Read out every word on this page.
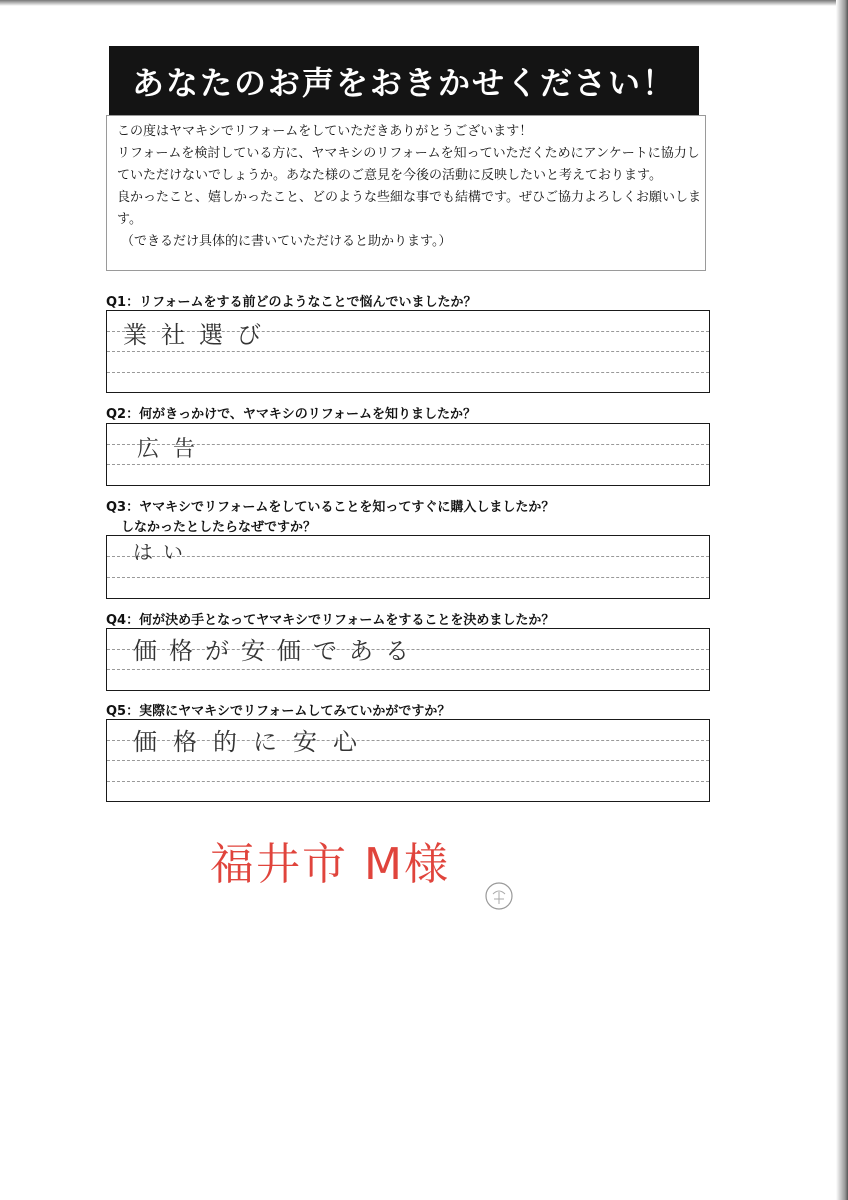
あなたのお声をおきかせください！
この度はヤマキシでリフォームをしていただきありがとうございます！
リフォームを検討している方に、ヤマキシのリフォームを知っていただくためにアンケートに協力し
ていただけないでしょうか。あなた様のご意見を今後の活動に反映したいと考えております。
良かったこと、嬉しかったこと、どのような些細な事でも結構です。ぜひご協力よろしくお願いしま
す。
（できるだけ具体的に書いていただけると助かります。）
Q1：リフォームをする前どのようなことで悩んでいましたか？
業社選び
Q2：何がきっかけで、ヤマキシのリフォームを知りましたか？
広告
Q3：ヤマキシでリフォームをしていることを知ってすぐに購入しましたか？
しなかったとしたらなぜですか？
はい
Q4：何が決め手となってヤマキシでリフォームをすることを決めましたか？
価格が安価である
Q5：実際にヤマキシでリフォームしてみていかがですか？
価格的に安心
福井市 M様
